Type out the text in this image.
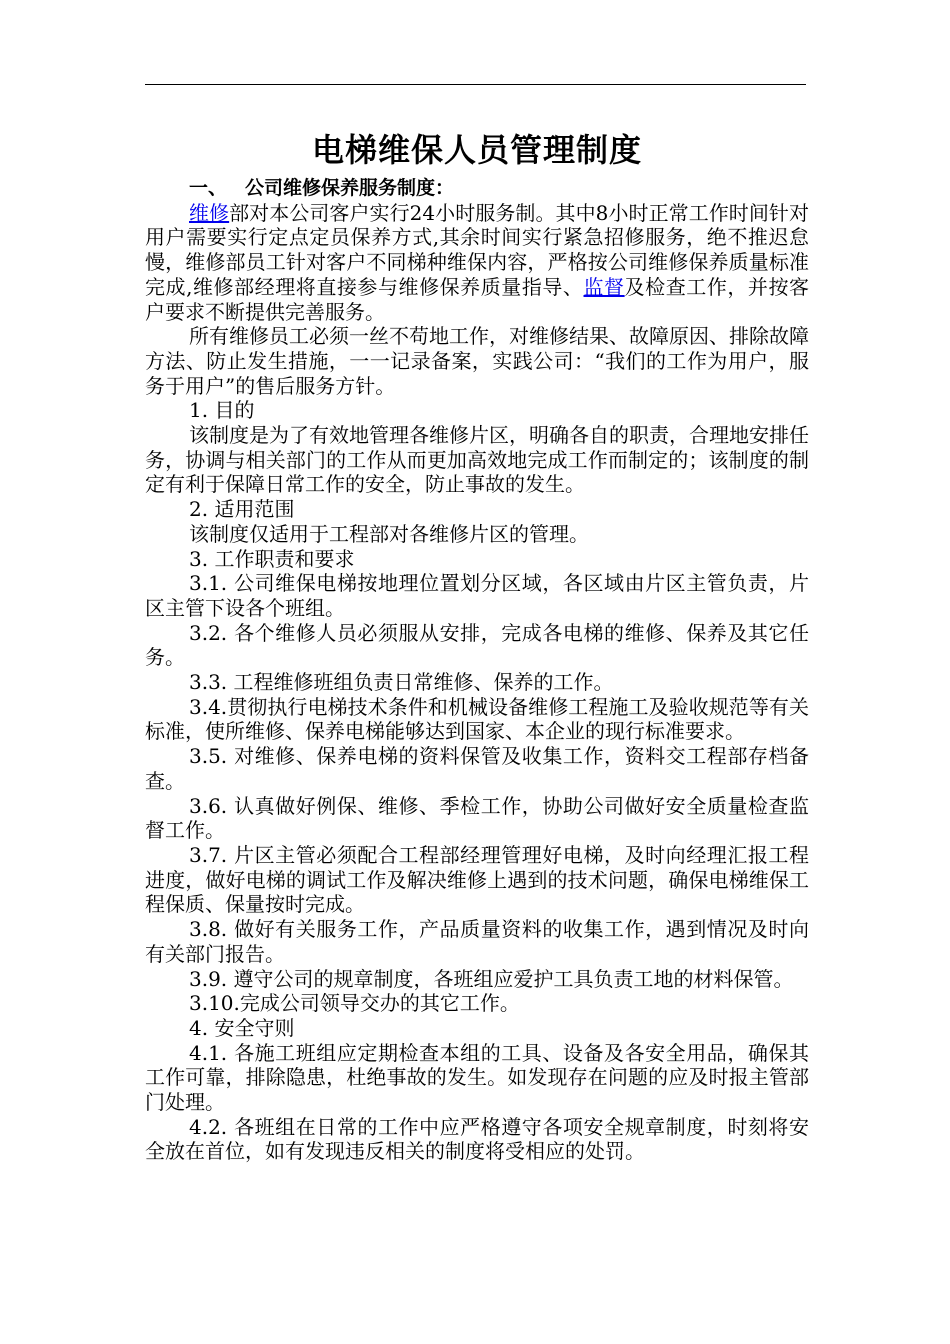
电梯维保人员管理制度
一、 公司维修保养服务制度：

维修部对本公司客户实行24小时服务制。其中8小时正常工作时间针对用户需要实行定点定员保养方式,其余时间实行紧急招修服务，绝不推迟怠慢，维修部员工针对客户不同梯种维保内容，严格按公司维修保养质量标准完成,维修部经理将直接参与维修保养质量指导、监督及检查工作，并按客户要求不断提供完善服务。

所有维修员工必须一丝不苟地工作，对维修结果、故障原因、排除故障方法、防止发生措施，一一记录备案，实践公司：“我们的工作为用户，服务于用户”的售后服务方针。

1. 目的

该制度是为了有效地管理各维修片区，明确各自的职责，合理地安排任务，协调与相关部门的工作从而更加高效地完成工作而制定的；该制度的制定有利于保障日常工作的安全，防止事故的发生。

2. 适用范围

该制度仅适用于工程部对各维修片区的管理。

3. 工作职责和要求

3.1. 公司维保电梯按地理位置划分区域，各区域由片区主管负责，片区主管下设各个班组。

3.2. 各个维修人员必须服从安排，完成各电梯的维修、保养及其它任务。

3.3. 工程维修班组负责日常维修、保养的工作。

3.4.贯彻执行电梯技术条件和机械设备维修工程施工及验收规范等有关标准，使所维修、保养电梯能够达到国家、本企业的现行标准要求。

3.5. 对维修、保养电梯的资料保管及收集工作，资料交工程部存档备查。

3.6. 认真做好例保、维修、季检工作，协助公司做好安全质量检查监督工作。

3.7. 片区主管必须配合工程部经理管理好电梯，及时向经理汇报工程进度，做好电梯的调试工作及解决维修上遇到的技术问题，确保电梯维保工程保质、保量按时完成。

3.8. 做好有关服务工作，产品质量资料的收集工作，遇到情况及时向有关部门报告。

3.9. 遵守公司的规章制度，各班组应爱护工具负责工地的材料保管。

3.10.完成公司领导交办的其它工作。

4. 安全守则

4.1. 各施工班组应定期检查本组的工具、设备及各安全用品，确保其工作可靠，排除隐患，杜绝事故的发生。如发现存在问题的应及时报主管部门处理。

4.2. 各班组在日常的工作中应严格遵守各项安全规章制度，时刻将安全放在首位，如有发现违反相关的制度将受相应的处罚。
